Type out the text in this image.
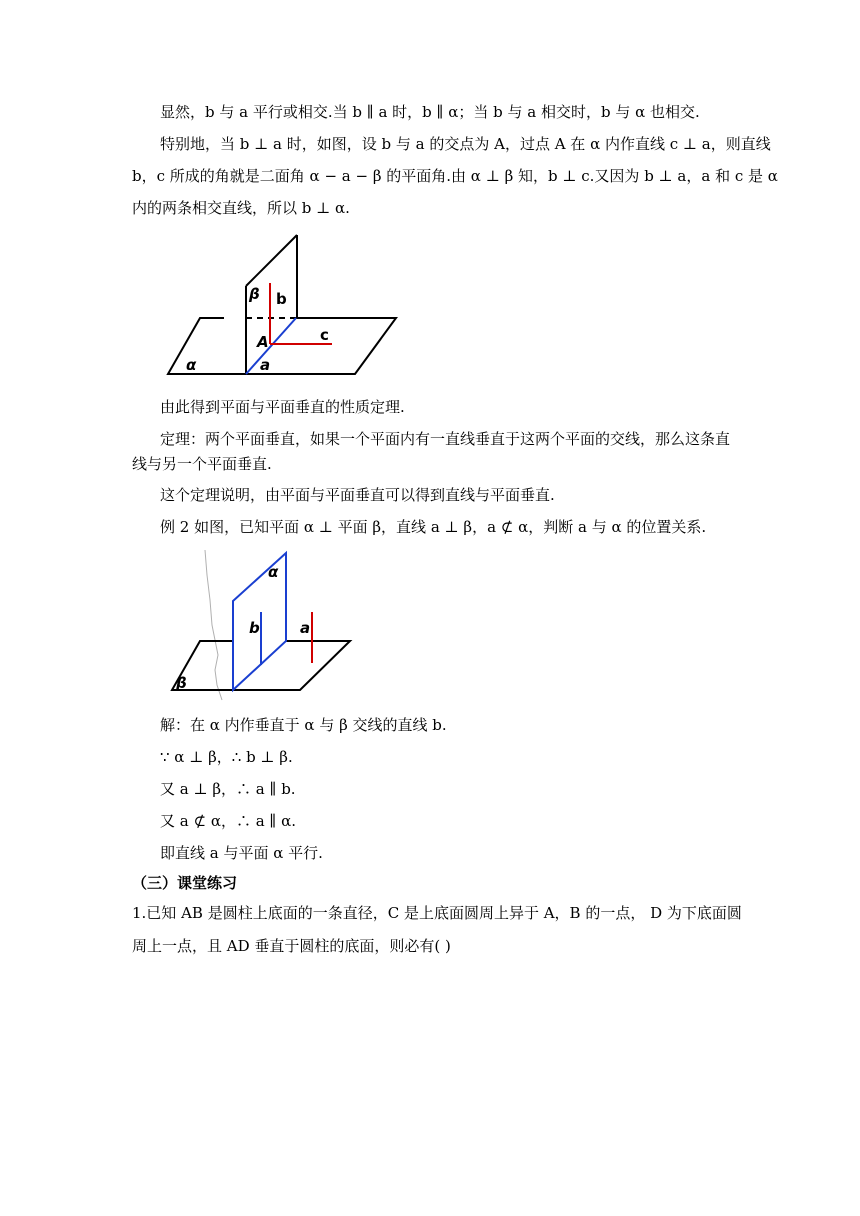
显然，b 与 a 平行或相交.当 b ∥ a 时，b ∥ α；当 b 与 a 相交时，b 与 α 也相交.
特别地，当 b ⊥ a 时，如图，设 b 与 a 的交点为 A，过点 A 在 α 内作直线 c ⊥ a，则直线
b，c 所成的角就是二面角 α − a − β 的平面角.由 α ⊥ β 知，b ⊥ c.又因为 b ⊥ a，a 和 c 是 α
内的两条相交直线，所以 b ⊥ α.
β b
A	c
α	a
由此得到平面与平面垂直的性质定理.
定理：两个平面垂直，如果一个平面内有一直线垂直于这两个平面的交线，那么这条直
线与另一个平面垂直.
这个定理说明，由平面与平面垂直可以得到直线与平面垂直.
例 2 如图，已知平面 α ⊥ 平面 β，直线 a ⊥ β，a ⊄ α，判断 a 与 α 的位置关系.
α
b	a
β
解：在 α 内作垂直于 α 与 β 交线的直线 b.
∵ α ⊥ β，∴ b ⊥ β.
又 a ⊥ β，∴ a ∥ b.
又 a ⊄ α，∴ a ∥ α.
即直线 a 与平面 α 平行.
（三）课堂练习
1.已知 AB 是圆柱上底面的一条直径，C 是上底面圆周上异于 A，B 的一点， D 为下底面圆
周上一点，且 AD 垂直于圆柱的底面，则必有( )
